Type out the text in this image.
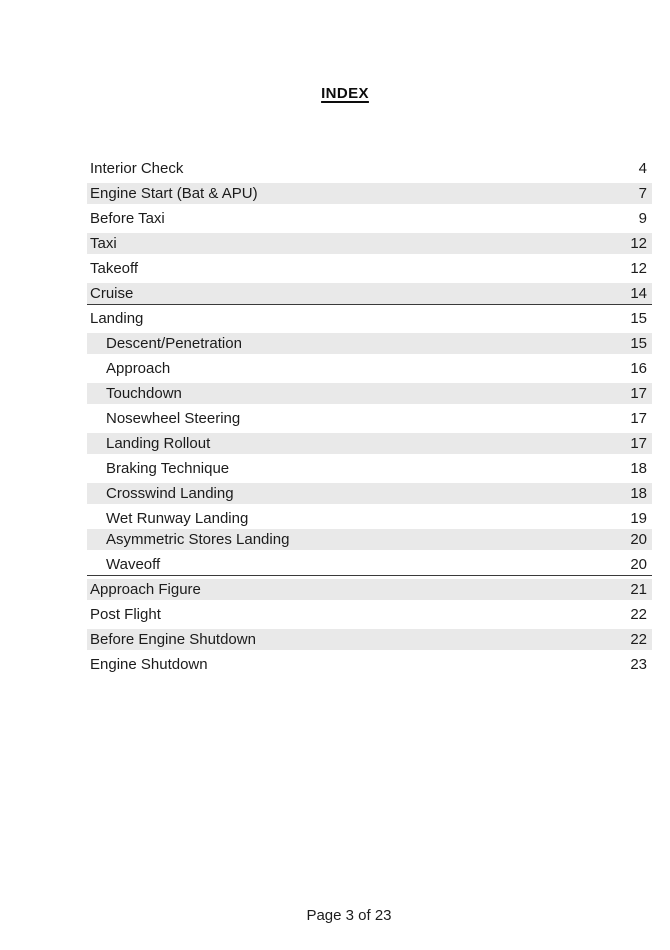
INDEX
Interior Check	4
Engine Start (Bat & APU)	7
Before Taxi	9
Taxi	12
Takeoff	12
Cruise	14
Landing	15
Descent/Penetration	15
Approach	16
Touchdown	17
Nosewheel Steering	17
Landing Rollout	17
Braking Technique	18
Crosswind Landing	18
Wet Runway Landing	19
Asymmetric Stores Landing	20
Waveoff	20
Approach Figure	21
Post Flight	22
Before Engine Shutdown	22
Engine Shutdown	23
Page 3 of 23
